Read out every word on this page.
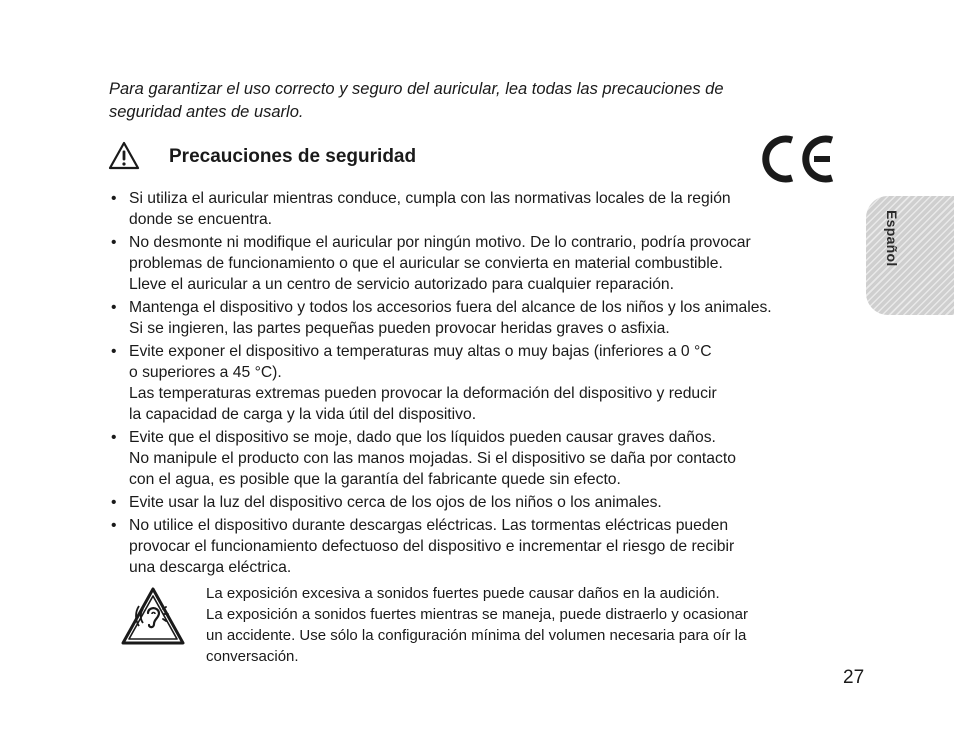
Para garantizar el uso correcto y seguro del auricular, lea todas las precauciones de
seguridad antes de usarlo.

Precauciones de seguridad
• Si utiliza el auricular mientras conduce, cumpla con las normativas locales de la región
donde se encuentra.
• No desmonte ni modifique el auricular por ningún motivo. De lo contrario, podría provocar
problemas de funcionamiento o que el auricular se convierta en material combustible.
Lleve el auricular a un centro de servicio autorizado para cualquier reparación.
• Mantenga el dispositivo y todos los accesorios fuera del alcance de los niños y los animales.
Si se ingieren, las partes pequeñas pueden provocar heridas graves o asfixia.
• Evite exponer el dispositivo a temperaturas muy altas o muy bajas (inferiores a 0 °C
o superiores a 45 °C).
Las temperaturas extremas pueden provocar la deformación del dispositivo y reducir
la capacidad de carga y la vida útil del dispositivo.
• Evite que el dispositivo se moje, dado que los líquidos pueden causar graves daños.
No manipule el producto con las manos mojadas. Si el dispositivo se daña por contacto
con el agua, es posible que la garantía del fabricante quede sin efecto.
• Evite usar la luz del dispositivo cerca de los ojos de los niños o los animales.
• No utilice el dispositivo durante descargas eléctricas. Las tormentas eléctricas pueden
provocar el funcionamiento defectuoso del dispositivo e incrementar el riesgo de recibir
una descarga eléctrica.

La exposición excesiva a sonidos fuertes puede causar daños en la audición.
La exposición a sonidos fuertes mientras se maneja, puede distraerlo y ocasionar
un accidente. Use sólo la configuración mínima del volumen necesaria para oír la
conversación.

Español
27
